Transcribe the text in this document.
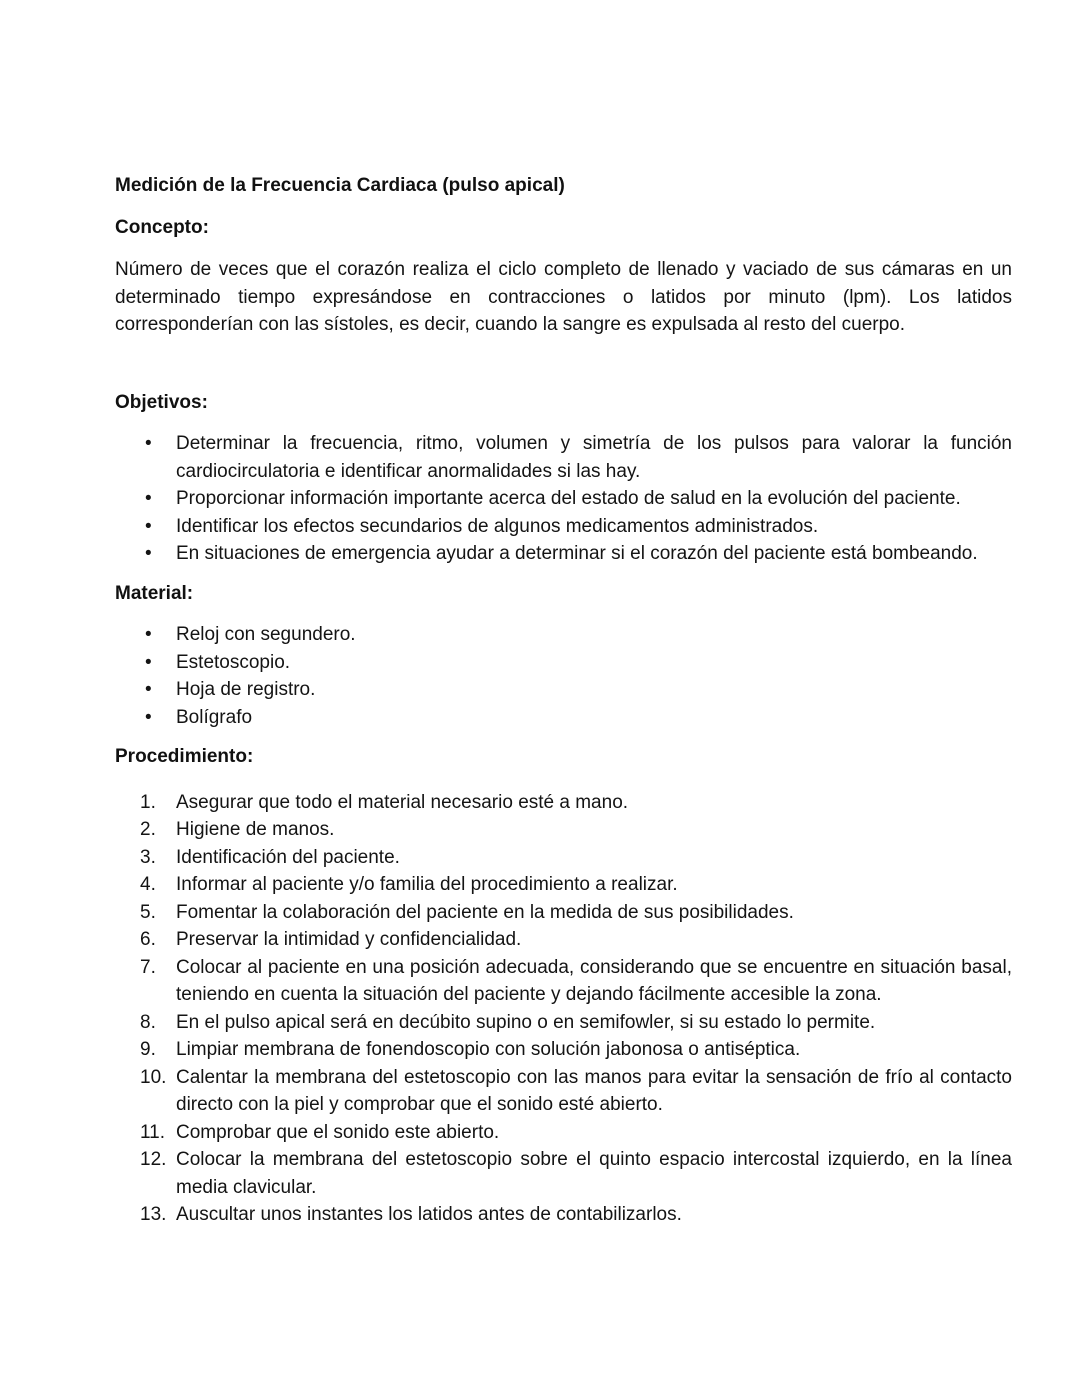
Medición de la Frecuencia Cardiaca (pulso apical)
Concepto:

Número de veces que el corazón realiza el ciclo completo de llenado y vaciado de sus cámaras en un determinado tiempo expresándose en contracciones o latidos por minuto (lpm). Los latidos corresponderían con las sístoles, es decir, cuando la sangre es expulsada al resto del cuerpo.

Objetivos:
• Determinar la frecuencia, ritmo, volumen y simetría de los pulsos para valorar la función cardiocirculatoria e identificar anormalidades si las hay.
• Proporcionar información importante acerca del estado de salud en la evolución del paciente.
• Identificar los efectos secundarios de algunos medicamentos administrados.
• En situaciones de emergencia ayudar a determinar si el corazón del paciente está bombeando.
Material:
• Reloj con segundero.
• Estetoscopio.
• Hoja de registro.
• Bolígrafo
Procedimiento:
Asegurar que todo el material necesario esté a mano.
Higiene de manos.
Identificación del paciente.
Informar al paciente y/o familia del procedimiento a realizar.
Fomentar la colaboración del paciente en la medida de sus posibilidades.
Preservar la intimidad y confidencialidad.
Colocar al paciente en una posición adecuada, considerando que se encuentre en situación basal, teniendo en cuenta la situación del paciente y dejando fácilmente accesible la zona.
En el pulso apical será en decúbito supino o en semifowler, si su estado lo permite.
Limpiar membrana de fonendoscopio con solución jabonosa o antiséptica.
Calentar la membrana del estetoscopio con las manos para evitar la sensación de frío al contacto directo con la piel y comprobar que el sonido esté abierto.
Comprobar que el sonido este abierto.
Colocar la membrana del estetoscopio sobre el quinto espacio intercostal izquierdo, en la línea media clavicular.
Auscultar unos instantes los latidos antes de contabilizarlos.
